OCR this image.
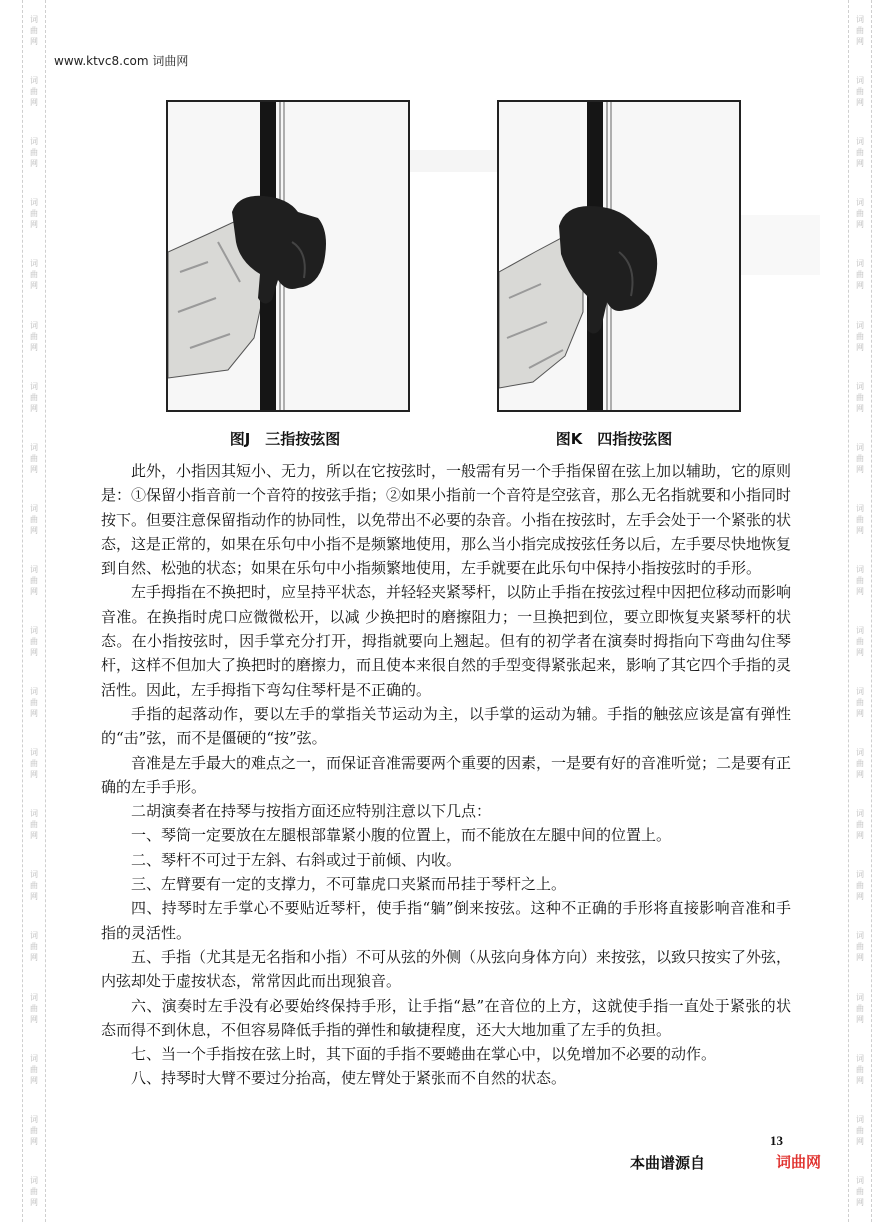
词
曲
网
词
曲
网
词
曲
网
词
曲
网
词
曲
网
词
曲
网
词
曲
网
词
曲
网
词
曲
网
词
曲
网
词
曲
网
词
曲
网
词
曲
网
词
曲
网
词
曲
网
词
曲
网
词
曲
网
词
曲
网
词
曲
网
词
曲
网
词
曲
网
词
曲
网
词
曲
网
词
曲
网
词
曲
网
词
曲
网
词
曲
网
词
曲
网
词
曲
网
词
曲
网
词
曲
网
词
曲
网
词
曲
网
词
曲
网
词
曲
网
词
曲
网
词
曲
网
词
曲
网
词
曲
网
词
曲
网
www.ktvc8.com 词曲网
图J　三指按弦图	图K　四指按弦图

此外，小指因其短小、无力，所以在它按弦时，一般需有另一个手指保留在弦上加以辅助，它的原则是：①保留小指音前一个音符的按弦手指；②如果小指前一个音符是空弦音，那么无名指就要和小指同时按下。但要注意保留指动作的协同性，以免带出不必要的杂音。小指在按弦时，左手会处于一个紧张的状态，这是正常的，如果在乐句中小指不是频繁地使用，那么当小指完成按弦任务以后，左手要尽快地恢复到自然、松弛的状态；如果在乐句中小指频繁地使用，左手就要在此乐句中保持小指按弦时的手形。

左手拇指在不换把时，应呈持平状态，并轻轻夹紧琴杆，以防止手指在按弦过程中因把位移动而影响音准。在换指时虎口应微微松开，以减 少换把时的磨擦阻力；一旦换把到位，要立即恢复夹紧琴杆的状态。在小指按弦时，因手掌充分打开，拇指就要向上翘起。但有的初学者在演奏时拇指向下弯曲勾住琴杆，这样不但加大了换把时的磨擦力，而且使本来很自然的手型变得紧张起来，影响了其它四个手指的灵活性。因此，左手拇指下弯勾住琴杆是不正确的。

手指的起落动作，要以左手的掌指关节运动为主，以手掌的运动为辅。手指的触弦应该是富有弹性的“击”弦，而不是僵硬的“按”弦。

音准是左手最大的难点之一，而保证音准需要两个重要的因素，一是要有好的音准听觉；二是要有正确的左手手形。

二胡演奏者在持琴与按指方面还应特别注意以下几点：

一、琴筒一定要放在左腿根部靠紧小腹的位置上，而不能放在左腿中间的位置上。

二、琴杆不可过于左斜、右斜或过于前倾、内收。

三、左臂要有一定的支撑力，不可靠虎口夹紧而吊挂于琴杆之上。

四、持琴时左手掌心不要贴近琴杆，使手指“躺”倒来按弦。这种不正确的手形将直接影响音准和手指的灵活性。

五、手指（尤其是无名指和小指）不可从弦的外侧（从弦向身体方向）来按弦，以致只按实了外弦，内弦却处于虚按状态，常常因此而出现狼音。

六、演奏时左手没有必要始终保持手形，让手指“悬”在音位的上方，这就使手指一直处于紧张的状态而得不到休息，不但容易降低手指的弹性和敏捷程度，还大大地加重了左手的负担。

七、当一个手指按在弦上时，其下面的手指不要蜷曲在掌心中，以免增加不必要的动作。

八、持琴时大臂不要过分抬高，使左臂处于紧张而不自然的状态。

13
本曲谱源自	词曲网
